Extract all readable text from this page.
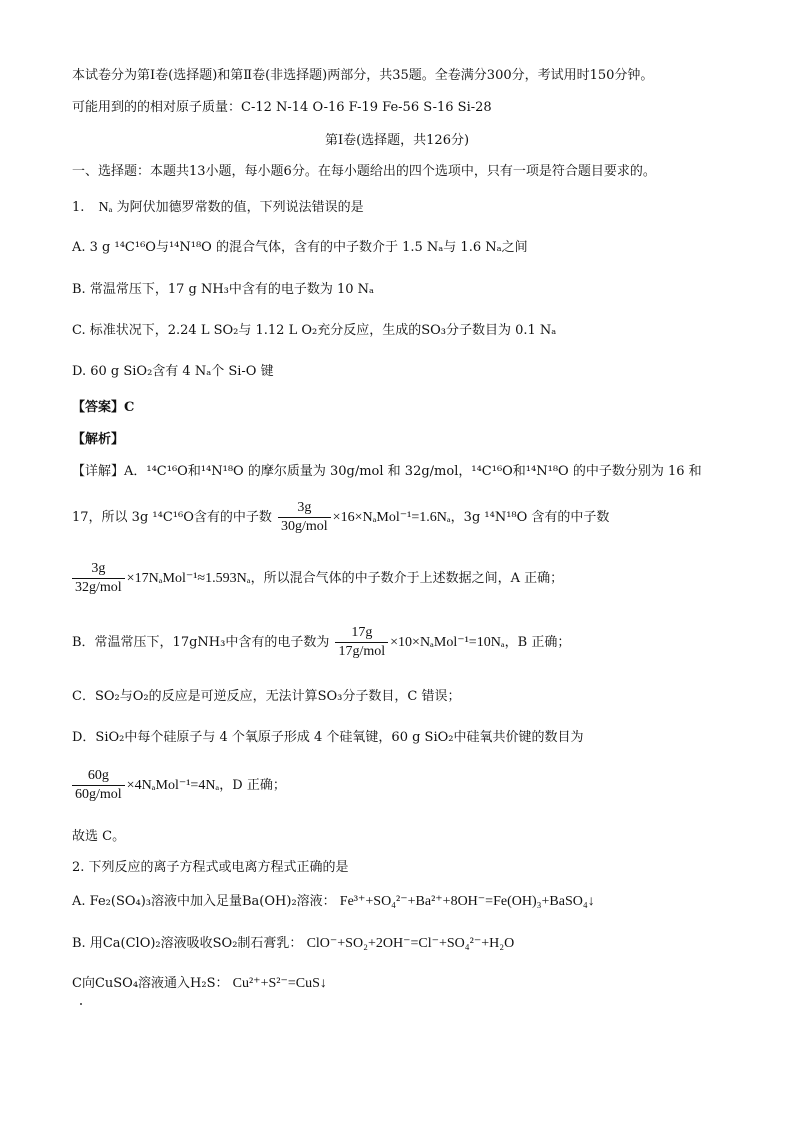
本试卷分为第Ⅰ卷(选择题)和第Ⅱ卷(非选择题)两部分，共35题。全卷满分300分，考试用时150分钟。
可能用到的的相对原子质量：C-12 N-14 O-16 F-19 Fe-56 S-16 Si-28
第Ⅰ卷(选择题，共126分)
一、选择题：本题共13小题，每小题6分。在每小题给出的四个选项中，只有一项是符合题目要求的。
1. Nₐ 为阿伏加德罗常数的值，下列说法错误的是
A. 3 g ¹⁴C¹⁶O与¹⁴N¹⁸O 的混合气体，含有的中子数介于 1.5 Nₐ与 1.6 Nₐ之间
B. 常温常压下，17 g NH₃中含有的电子数为 10 Nₐ
C. 标准状况下，2.24 L SO₂与 1.12 L O₂充分反应，生成的SO₃分子数目为 0.1 Nₐ
D. 60 g SiO₂含有 4 Nₐ个 Si-O 键
【答案】C
【解析】
【详解】A．¹⁴C¹⁶O和¹⁴N¹⁸O 的摩尔质量为 30g/mol 和 32g/mol，¹⁴C¹⁶O和¹⁴N¹⁸O 的中子数分别为 16 和
17，所以 3g ¹⁴C¹⁶O含有的中子数 $\frac{3g}{\text{30g/mol}} \times 16\times N_aMol^{-1}=1.6N_a$，3g ¹⁴N¹⁸O 含有的中子数
$\frac{3g}{\text{32g/mol}} \times 17N_aMol^{-1}\approx 1.593N_a$，所以混合气体的中子数介于上述数据之间，A 正确；
B．常温常压下，17gNH₃中含有的电子数为 $\frac{17g}{\text{17g/mol}} \times 10\times N_aMol^{-1}=10N_a$，B 正确；
C．SO₂与O₂的反应是可逆反应，无法计算SO₃分子数目，C 错误；
D．SiO₂中每个硅原子与 4 个氧原子形成 4 个硅氧键，60 g SiO₂中硅氧共价键的数目为
$\frac{60g}{\text{60g/mol}} \times 4N_aMol^{-1}=4N_a$，D 正确；
故选 C。
2. 下列反应的离子方程式或电离方程式正确的是
A. Fe₂(SO₄)₃溶液中加入足量Ba(OH)₂溶液： Fe³⁺+SO₄²⁻+Ba²⁺+8OH⁻=Fe(OH)₃+BaSO₄↓
B. 用Ca(ClO)₂溶液吸收SO₂制石膏乳： ClO⁻+SO₂+2OH⁻=Cl⁻+SO₄²⁻+H₂O
C向CuSO₄溶液通入H₂S： Cu²⁺+S²⁻=CuS↓
